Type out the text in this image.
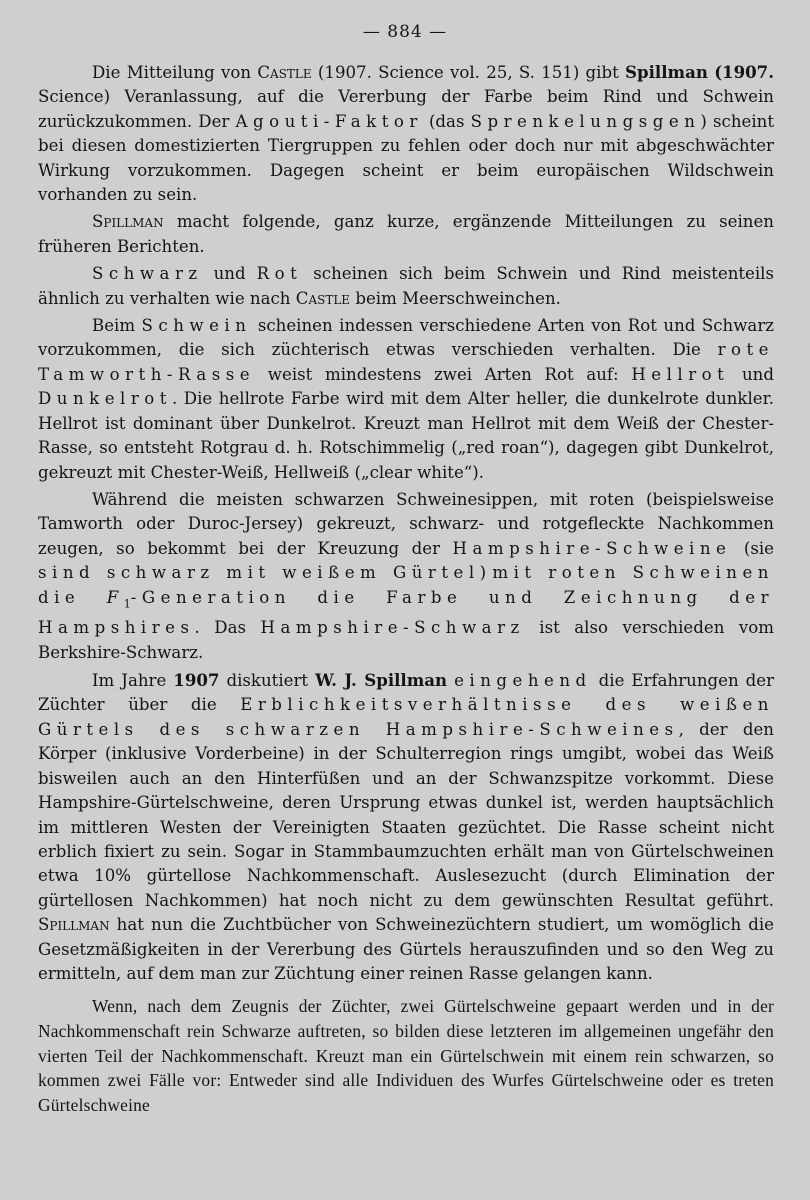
— 884 —

Die Mitteilung von Castle (1907. Science vol. 25, S. 151) gibt Spillman (1907. Science) Veranlassung, auf die Vererbung der Farbe beim Rind und Schwein zurückzukommen. Der Agouti-Faktor (das Sprenkelungsgen) scheint bei diesen domestizierten Tiergruppen zu fehlen oder doch nur mit abgeschwächter Wirkung vorzukommen. Dagegen scheint er beim europäischen Wildschwein vorhanden zu sein.

Spillman macht folgende, ganz kurze, ergänzende Mitteilungen zu seinen früheren Berichten.

Schwarz und Rot scheinen sich beim Schwein und Rind meistenteils ähnlich zu verhalten wie nach Castle beim Meerschweinchen.

Beim Schwein scheinen indessen verschiedene Arten von Rot und Schwarz vorzukommen, die sich züchterisch etwas verschieden verhalten. Die rote Tamworth-Rasse weist mindestens zwei Arten Rot auf: Hellrot und Dunkelrot. Die hellrote Farbe wird mit dem Alter heller, die dunkelrote dunkler. Hellrot ist dominant über Dunkelrot. Kreuzt man Hellrot mit dem Weiß der Chester-Rasse, so entsteht Rotgrau d. h. Rotschimmelig („red roan“), dagegen gibt Dunkelrot, gekreuzt mit Chester-Weiß, Hellweiß („clear white“).

Während die meisten schwarzen Schweinesippen, mit roten (beispielsweise Tamworth oder Duroc-Jersey) gekreuzt, schwarz- und rotgefleckte Nachkommen zeugen, so bekommt bei der Kreuzung der Hampshire-Schweine (sie sind schwarz mit weißem Gürtel) mit roten Schweinen die $F_1$-Generation die Farbe und Zeichnung der Hampshires. Das Hampshire-Schwarz ist also verschieden vom Berkshire-Schwarz.

Im Jahre 1907 diskutiert W. J. Spillman eingehend die Erfahrungen der Züchter über die Erblichkeitsverhältnisse des weißen Gürtels des schwarzen Hampshire-Schweines, der den Körper (inklusive Vorderbeine) in der Schulterregion rings umgibt, wobei das Weiß bisweilen auch an den Hinterfüßen und an der Schwanzspitze vorkommt. Diese Hampshire-Gürtelschweine, deren Ursprung etwas dunkel ist, werden hauptsächlich im mittleren Westen der Vereinigten Staaten gezüchtet. Die Rasse scheint nicht erblich fixiert zu sein. Sogar in Stammbaumzuchten erhält man von Gürtelschweinen etwa 10% gürtellose Nachkommenschaft. Auslesezucht (durch Elimination der gürtellosen Nachkommen) hat noch nicht zu dem gewünschten Resultat geführt. Spillman hat nun die Zuchtbücher von Schweinezüchtern studiert, um womöglich die Gesetzmäßigkeiten in der Vererbung des Gürtels herauszufinden und so den Weg zu ermitteln, auf dem man zur Züchtung einer reinen Rasse gelangen kann.

Wenn, nach dem Zeugnis der Züchter, zwei Gürtelschweine gepaart werden und in der Nachkommenschaft rein Schwarze auftreten, so bilden diese letzteren im allgemeinen ungefähr den vierten Teil der Nachkommenschaft. Kreuzt man ein Gürtelschwein mit einem rein schwarzen, so kommen zwei Fälle vor: Entweder sind alle Individuen des Wurfes Gürtelschweine oder es treten Gürtelschweine
